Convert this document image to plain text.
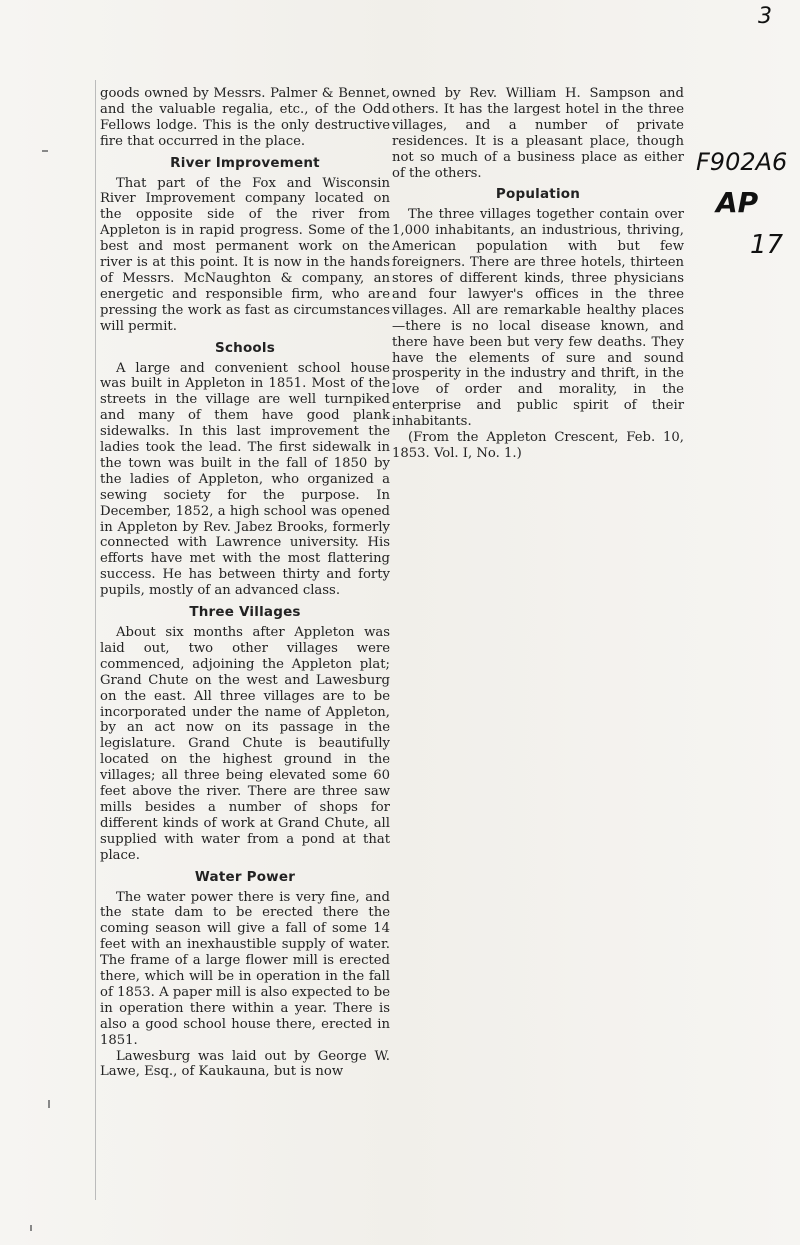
goods owned by Messrs. Palmer & Bennet, and the valuable regalia, etc., of the Odd Fellows lodge. This is the only destructive fire that occurred in the place.

River Improvement

That part of the Fox and Wisconsin River Improvement company located on the opposite side of the river from Appleton is in rapid progress. Some of the best and most permanent work on the river is at this point. It is now in the hands of Messrs. McNaughton & company, an energetic and responsible firm, who are pressing the work as fast as circumstances will permit.

Schools

A large and convenient school house was built in Appleton in 1851. Most of the streets in the village are well turnpiked and many of them have good plank sidewalks. In this last improvement the ladies took the lead. The first sidewalk in the town was built in the fall of 1850 by the ladies of Appleton, who organized a sewing society for the purpose. In December, 1852, a high school was opened in Appleton by Rev. Jabez Brooks, formerly connected with Lawrence university. His efforts have met with the most flattering success. He has between thirty and forty pupils, mostly of an advanced class.

Three Villages

About six months after Appleton was laid out, two other villages were commenced, adjoining the Appleton plat; Grand Chute on the west and Lawesburg on the east. All three villages are to be incorporated under the name of Appleton, by an act now on its passage in the legislature. Grand Chute is beautifully located on the highest ground in the villages; all three being elevated some 60 feet above the river. There are three saw mills besides a number of shops for different kinds of work at Grand Chute, all supplied with water from a pond at that place.

Water Power

The water power there is very fine, and the state dam to be erected there the coming season will give a fall of some 14 feet with an inexhaustible supply of water. The frame of a large flower mill is erected there, which will be in operation in the fall of 1853. A paper mill is also expected to be in operation there within a year. There is also a good school house there, erected in 1851.

Lawesburg was laid out by George W. Lawe, Esq., of Kaukauna, but is now

owned by Rev. William H. Sampson and others. It has the largest hotel in the three villages, and a number of private residences. It is a pleasant place, though not so much of a business place as either of the others.

Population

The three villages together contain over 1,000 inhabitants, an industrious, thriving, American population with but few foreigners. There are three hotels, thirteen stores of different kinds, three physicians and four lawyer's offices in the three villages. All are remarkable healthy places—there is no local disease known, and there have been but very few deaths. They have the elements of sure and sound prosperity in the industry and thrift, in the love of order and morality, in the enterprise and public spirit of their inhabitants.

(From the Appleton Crescent, Feb. 10, 1853. Vol. I, No. 1.)

3
F902A6
AP
17
